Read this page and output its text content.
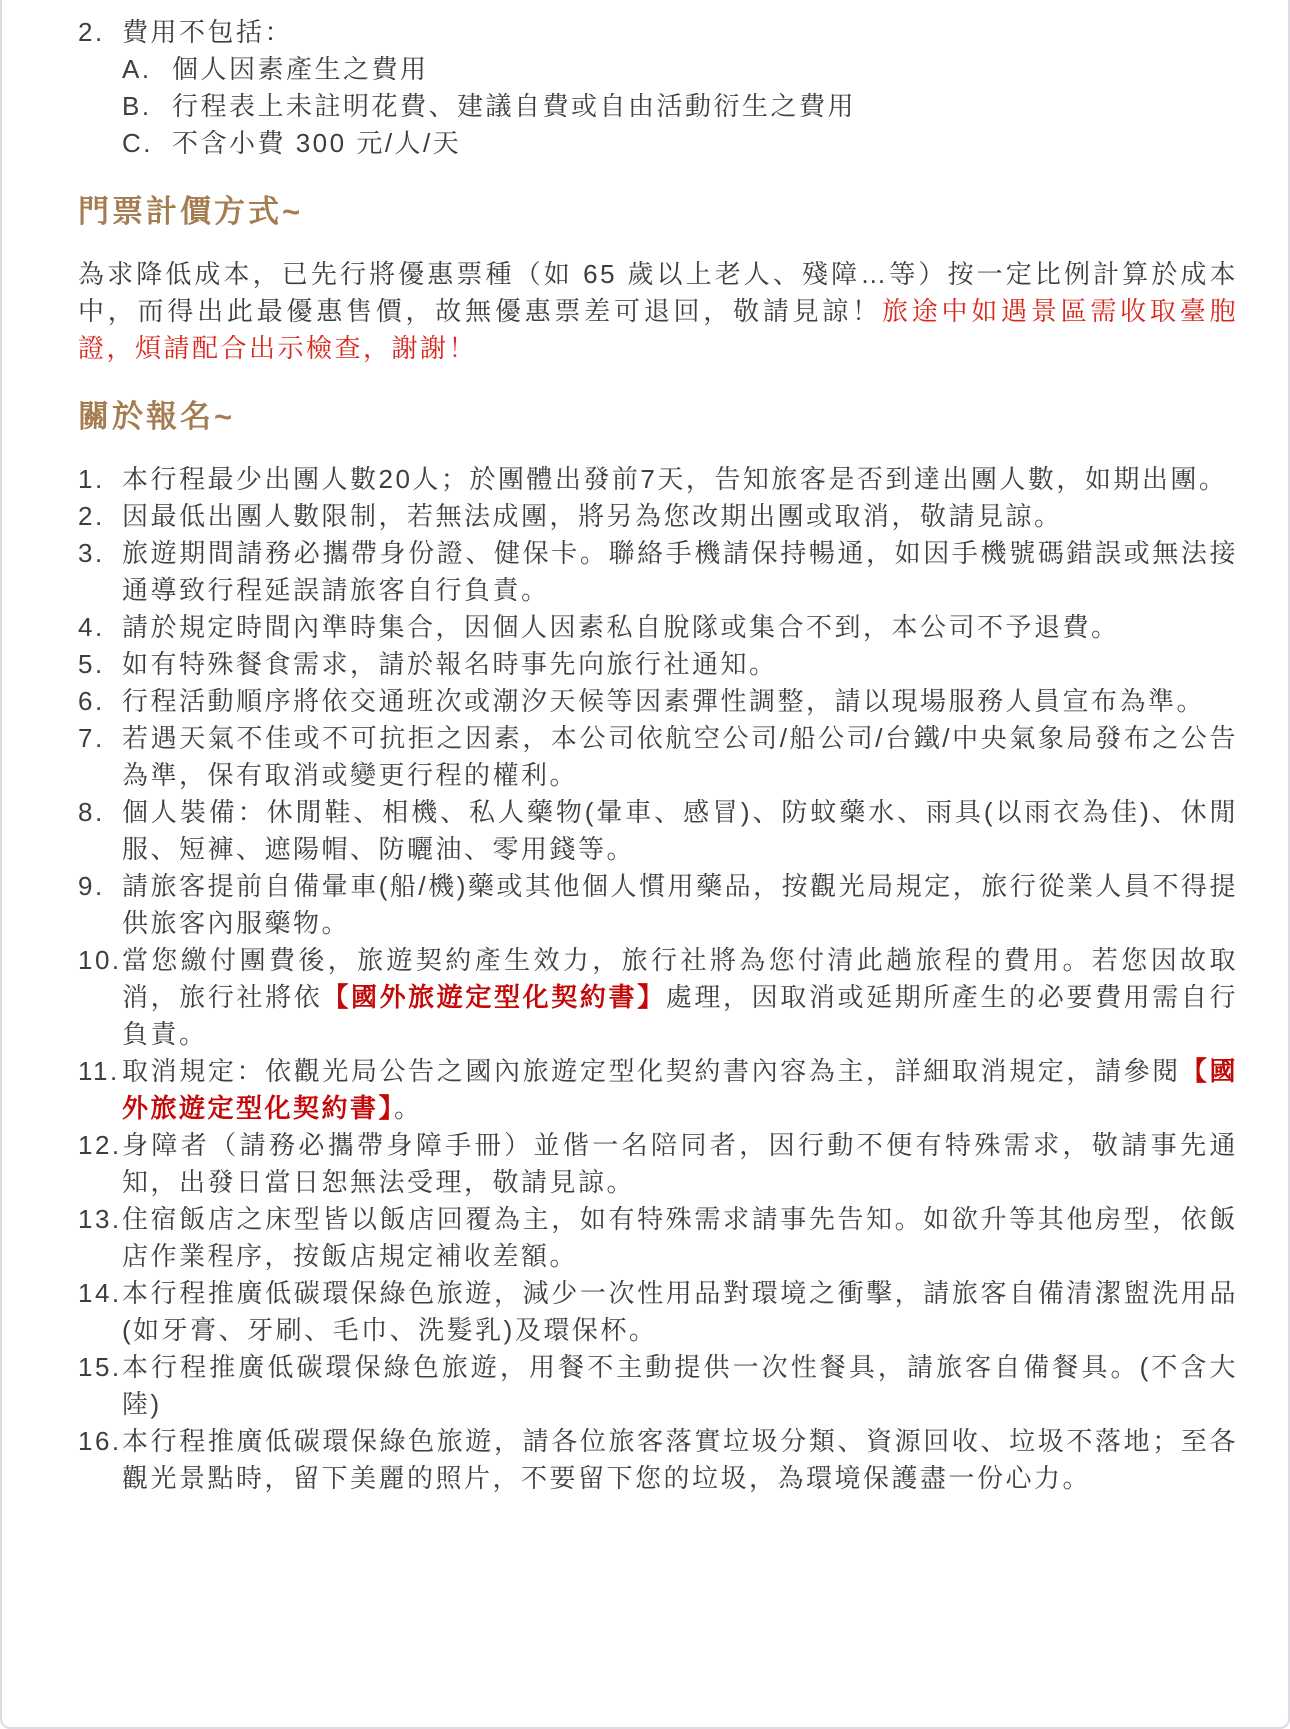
2. 費用不包括：
A. 個人因素產生之費用
B. 行程表上未註明花費、建議自費或自由活動衍生之費用
C. 不含小費 300 元/人/天
門票計價方式~

為求降低成本，已先行將優惠票種（如 65 歲以上老人、殘障…等）按一定比例計算於成本中，而得出此最優惠售價，故無優惠票差可退回，敬請見諒！旅途中如遇景區需收取臺胞證，煩請配合出示檢查，謝謝！

關於報名~
1. 本行程最少出團人數20人；於團體出發前7天，告知旅客是否到達出團人數，如期出團。
2. 因最低出團人數限制，若無法成團，將另為您改期出團或取消，敬請見諒。
3. 旅遊期間請務必攜帶身份證、健保卡。聯絡手機請保持暢通，如因手機號碼錯誤或無法接通導致行程延誤請旅客自行負責。
4. 請於規定時間內準時集合，因個人因素私自脫隊或集合不到，本公司不予退費。
5. 如有特殊餐食需求，請於報名時事先向旅行社通知。
6. 行程活動順序將依交通班次或潮汐天候等因素彈性調整，請以現場服務人員宣布為準。
7. 若遇天氣不佳或不可抗拒之因素，本公司依航空公司/船公司/台鐵/中央氣象局發布之公告為準，保有取消或變更行程的權利。
8. 個人裝備：休閒鞋、相機、私人藥物(暈車、感冒)、防蚊藥水、雨具(以雨衣為佳)、休閒服、短褲、遮陽帽、防曬油、零用錢等。
9. 請旅客提前自備暈車(船/機)藥或其他個人慣用藥品，按觀光局規定，旅行從業人員不得提供旅客內服藥物。
10. 當您繳付團費後，旅遊契約產生效力，旅行社將為您付清此趟旅程的費用。若您因故取消，旅行社將依【國外旅遊定型化契約書】處理，因取消或延期所產生的必要費用需自行負責。
11. 取消規定：依觀光局公告之國內旅遊定型化契約書內容為主，詳細取消規定，請參閱【國外旅遊定型化契約書】。
12. 身障者（請務必攜帶身障手冊）並偕一名陪同者，因行動不便有特殊需求，敬請事先通知，出發日當日恕無法受理，敬請見諒。
13. 住宿飯店之床型皆以飯店回覆為主，如有特殊需求請事先告知。如欲升等其他房型，依飯店作業程序，按飯店規定補收差額。
14. 本行程推廣低碳環保綠色旅遊，減少一次性用品對環境之衝擊，請旅客自備清潔盥洗用品(如牙膏、牙刷、毛巾、洗髮乳)及環保杯。
15. 本行程推廣低碳環保綠色旅遊，用餐不主動提供一次性餐具，請旅客自備餐具。(不含大陸)
16. 本行程推廣低碳環保綠色旅遊，請各位旅客落實垃圾分類、資源回收、垃圾不落地；至各觀光景點時，留下美麗的照片，不要留下您的垃圾，為環境保護盡一份心力。
